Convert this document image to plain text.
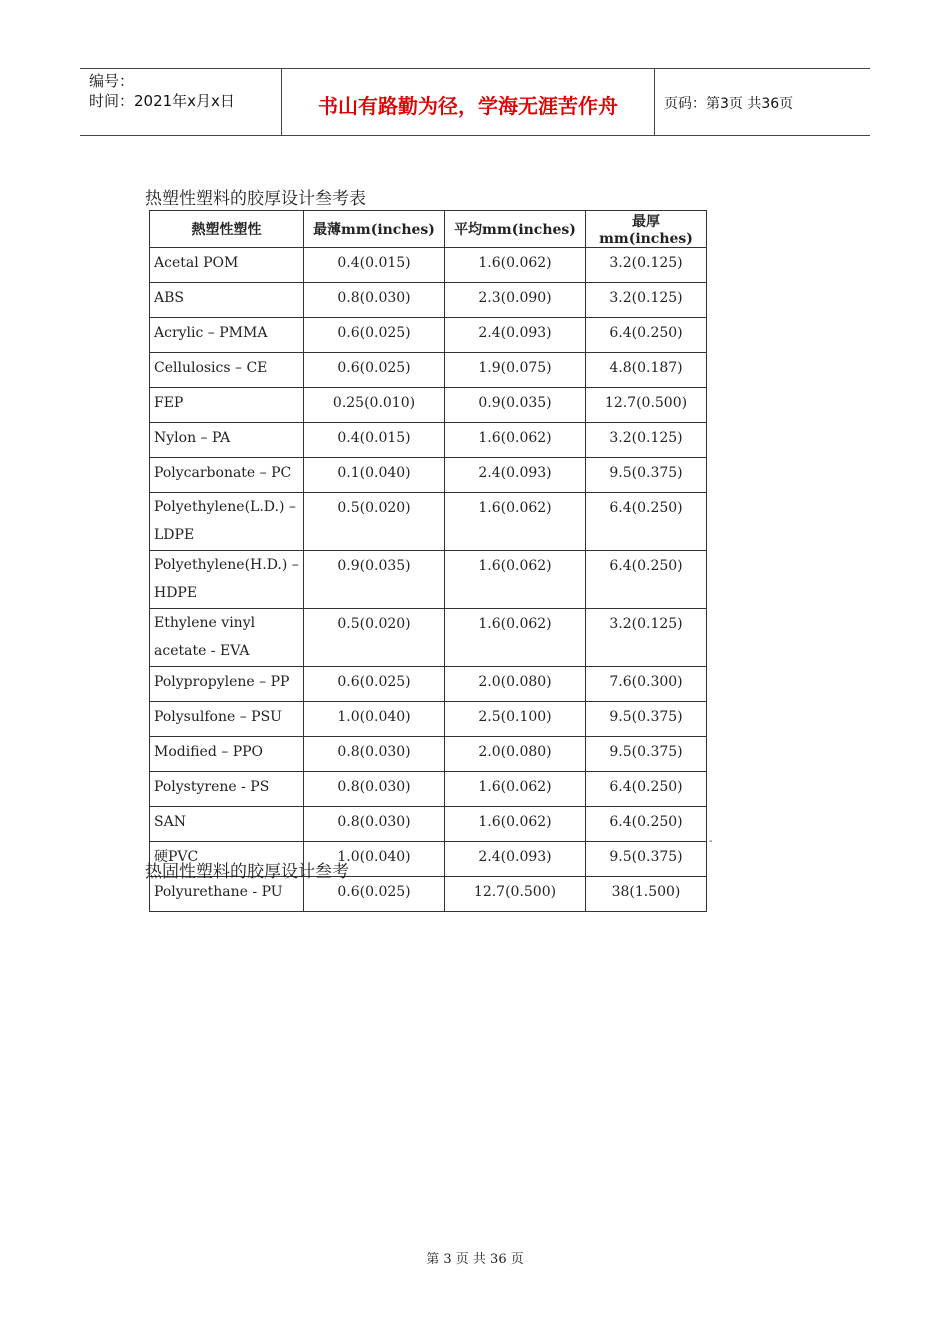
编号：
时间：2021年x月x日	书山有路勤为径，学海无涯苦作舟	页码：第3页 共36页
热塑性塑料的胶厚设计叁考表
熱塑性塑性	最薄mm(inches)	平均mm(inches)	最厚mm(inches)
Acetal POM	0.4(0.015)	1.6(0.062)	3.2(0.125)
ABS	0.8(0.030)	2.3(0.090)	3.2(0.125)
Acrylic – PMMA	0.6(0.025)	2.4(0.093)	6.4(0.250)
Cellulosics – CE	0.6(0.025)	1.9(0.075)	4.8(0.187)
FEP	0.25(0.010)	0.9(0.035)	12.7(0.500)
Nylon – PA	0.4(0.015)	1.6(0.062)	3.2(0.125)
Polycarbonate – PC	0.1(0.040)	2.4(0.093)	9.5(0.375)
Polyethylene(L.D.) – LDPE	0.5(0.020)	1.6(0.062)	6.4(0.250)
Polyethylene(H.D.) – HDPE	0.9(0.035)	1.6(0.062)	6.4(0.250)
Ethylene vinyl acetate - EVA	0.5(0.020)	1.6(0.062)	3.2(0.125)
Polypropylene – PP	0.6(0.025)	2.0(0.080)	7.6(0.300)
Polysulfone – PSU	1.0(0.040)	2.5(0.100)	9.5(0.375)
Modified – PPO	0.8(0.030)	2.0(0.080)	9.5(0.375)
Polystyrene - PS	0.8(0.030)	1.6(0.062)	6.4(0.250)
SAN	0.8(0.030)	1.6(0.062)	6.4(0.250)
硬PVC	1.0(0.040)	2.4(0.093)	9.5(0.375)
Polyurethane - PU	0.6(0.025)	12.7(0.500)	38(1.500)
-
热固性塑料的胶厚设计叁考
第 3 页 共 36 页
